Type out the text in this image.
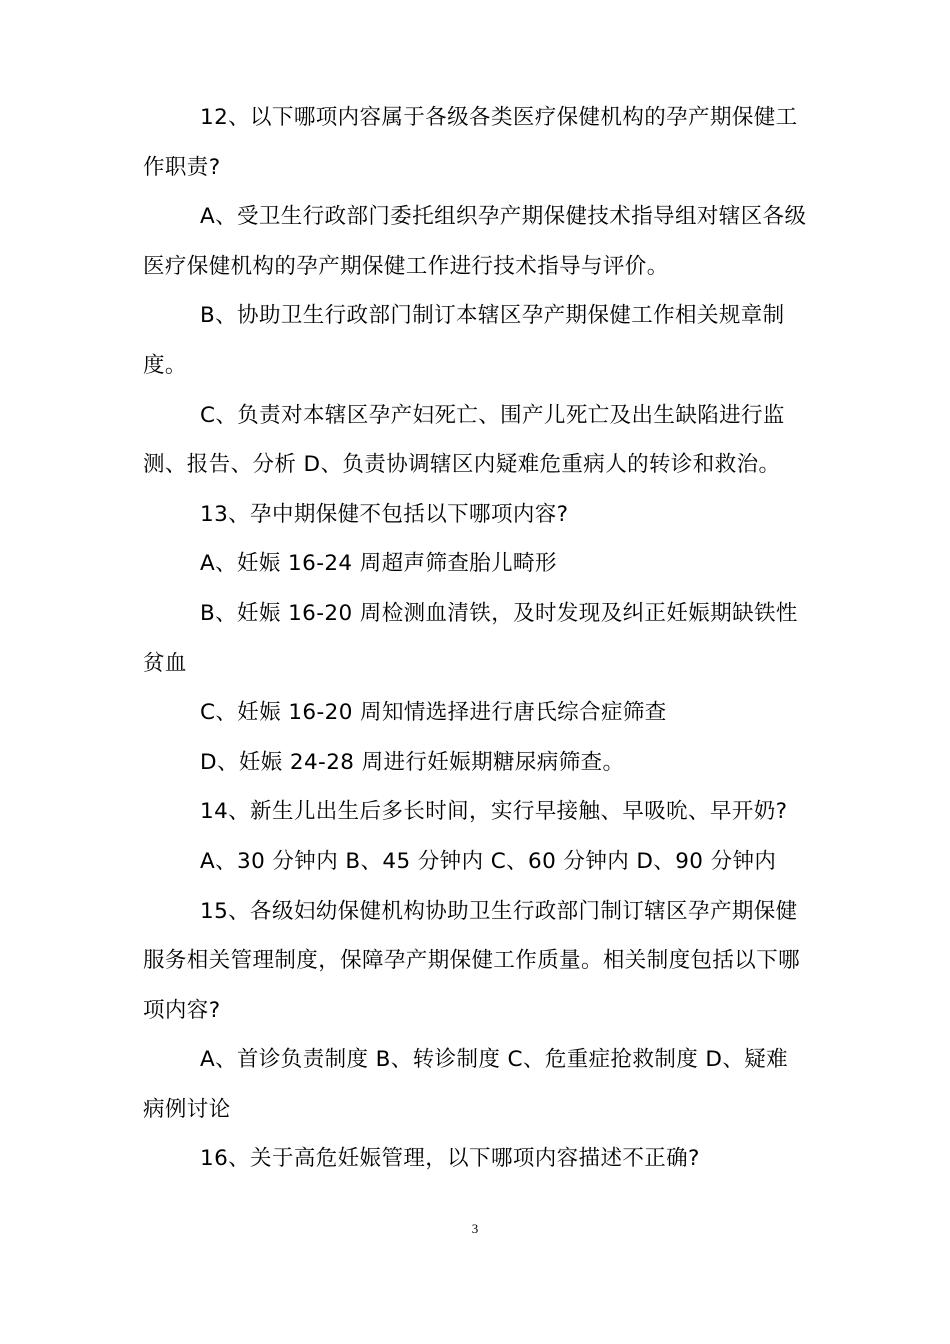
12、以下哪项内容属于各级各类医疗保健机构的孕产期保健工作职责?

A、受卫生行政部门委托组织孕产期保健技术指导组对辖区各级医疗保健机构的孕产期保健工作进行技术指导与评价。

B、协助卫生行政部门制订本辖区孕产期保健工作相关规章制度。

C、负责对本辖区孕产妇死亡、围产儿死亡及出生缺陷进行监测、报告、分析 D、负责协调辖区内疑难危重病人的转诊和救治。

13、孕中期保健不包括以下哪项内容?

A、妊娠 16-24 周超声筛查胎儿畸形

B、妊娠 16-20 周检测血清铁，及时发现及纠正妊娠期缺铁性贫血

C、妊娠 16-20 周知情选择进行唐氏综合症筛查

D、妊娠 24-28 周进行妊娠期糖尿病筛查。

14、新生儿出生后多长时间，实行早接触、早吸吮、早开奶?

A、30 分钟内 B、45 分钟内 C、60 分钟内 D、90 分钟内

15、各级妇幼保健机构协助卫生行政部门制订辖区孕产期保健服务相关管理制度，保障孕产期保健工作质量。相关制度包括以下哪项内容?

A、首诊负责制度 B、转诊制度 C、危重症抢救制度 D、疑难病例讨论

16、关于高危妊娠管理，以下哪项内容描述不正确?

3
